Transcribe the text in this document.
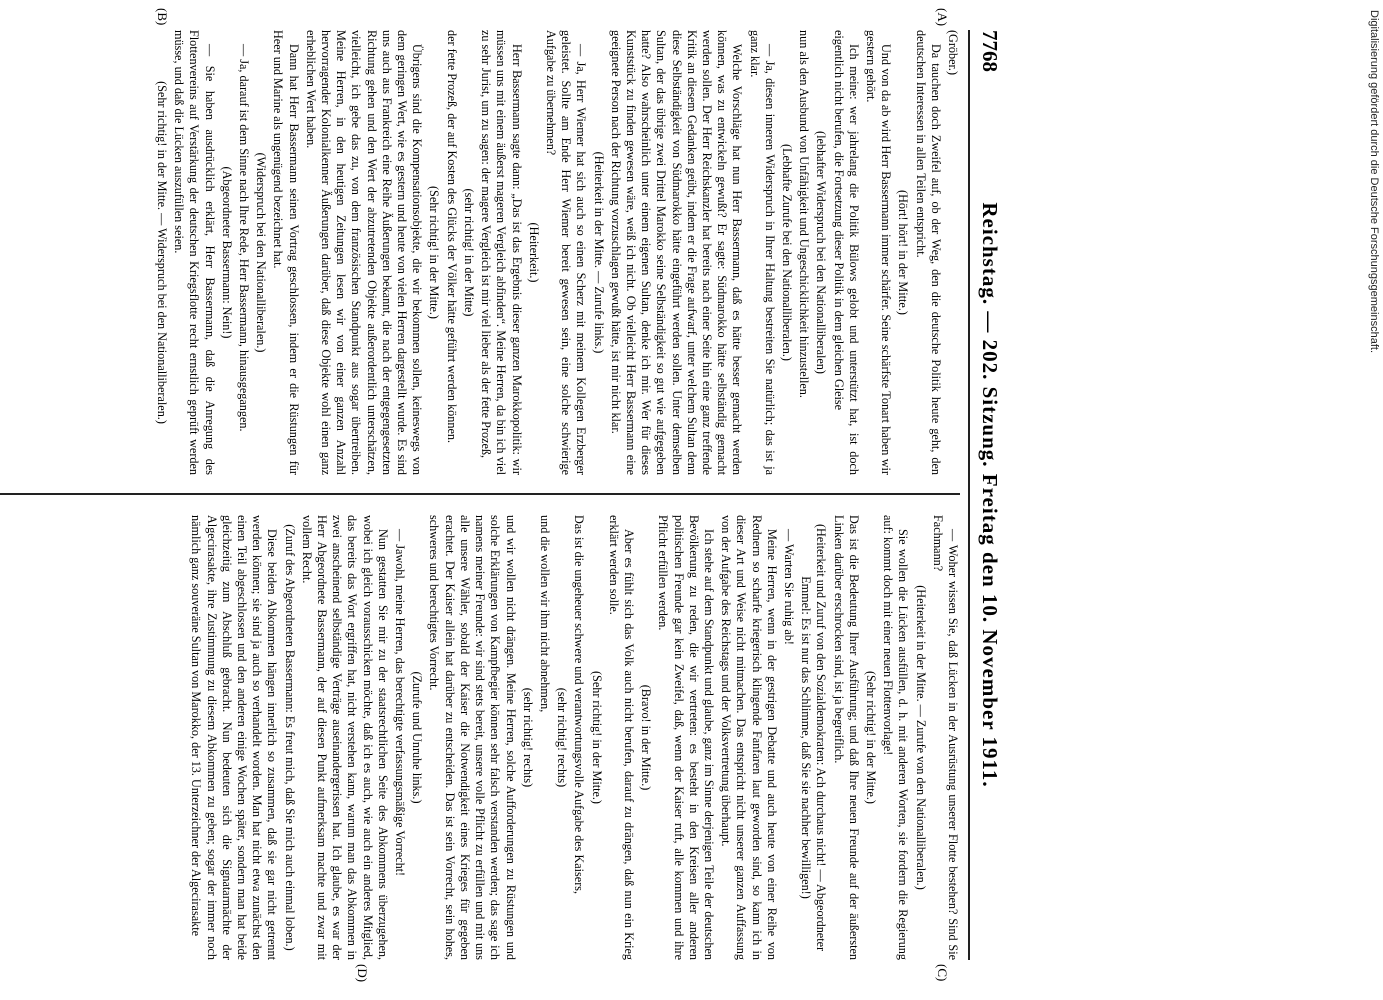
7768
Reichstag. — 202. Sitzung. Freitag den 10. November 1911.

(Gröber.)

Da tauchen doch Zweifel auf, ob der Weg, den die deutsche Politik heute geht, den deutschen Interessen in allen Teilen entspricht.

(Hört! hört! in der Mitte.)

Und von da ab wird Herr Bassermann immer schärfer. Seine schärfste Tonart haben wir gestern gehört.

Ich meine: wer jahrelang die Politik Bülows gelobt und unterstützt hat, ist doch eigentlich nicht berufen, die Fortsetzung dieser Politik in dem gleichen Gleise

(lebhafter Widerspruch bei den Nationalliberalen)

nun als den Ausbund von Unfähigkeit und Ungeschicklichkeit hinzustellen.

(Lebhafte Zurufe bei den Nationalliberalen.)

— Ja, diesen inneren Widerspruch in Ihrer Haltung bestreiten Sie natürlich; das ist ja ganz klar.

Welche Vorschläge hat nun Herr Bassermann, daß es hätte besser gemacht werden können, was zu entwickeln gewußt? Er sagte: Südmarokko hätte selbständig gemacht werden sollen. Der Herr Reichskanzler hat bereits nach einer Seite hin eine ganz treffende Kritik an diesem Gedanken geübt, indem er die Frage aufwarf, unter welchem Sultan denn diese Selbständigkeit von Südmarokko hätte eingeführt werden sollen. Unter demselben Sultan, der das übrige zwei Drittel Marokko seine Selbständigkeit so gut wie aufgegeben hatte? Also wahrscheinlich unter einem eigenen Sultan, denke ich mir. Wer für dieses Kunststück zu finden gewesen wäre, weiß ich nicht. Ob vielleicht Herr Bassermann eine geeignete Person nach der Richtung vorzuschlagen gewußt hätte, ist mir nicht klar.

(Heiterkeit in der Mitte. — Zurufe links.)

— Ja, Herr Wiemer hat sich auch so einen Scherz mit meinem Kollegen Erzberger geleistet. Sollte am Ende Herr Wiemer bereit gewesen sein, eine solche schwierige Aufgabe zu übernehmen?

(Heiterkeit.)

Herr Bassermann sagte dann: „Das ist das Ergebnis dieser ganzen Marokkopolitik: wir müssen uns mit einem äußerst mageren Vergleich abfinden“. Meine Herren, da bin ich viel zu sehr Jurist, um zu sagen: der magere Vergleich ist mir viel lieber als der fette Prozeß,

(sehr richtig! in der Mitte)

der fette Prozeß, der auf Kosten des Glücks der Völker hätte geführt werden können.

(Sehr richtig! in der Mitte.)

Übrigens sind die Kompensationsobjekte, die wir bekommen sollen, keineswegs von dem geringen Wert, wie es gestern und heute von vielen Herren dargestellt wurde. Es sind uns auch aus Frankreich eine Reihe Äußerungen bekannt, die nach der entgegengesetzten Richtung gehen und den Wert der abzutretenden Objekte außerordentlich unterschätzen, vielleicht, ich gebe das zu, von dem französischen Standpunkt aus sogar übertreiben. Meine Herren, in den heutigen Zeitungen lesen wir von einer ganzen Anzahl hervorragender Kolonialkenner Äußerungen darüber, daß diese Objekte wohl einen ganz erheblichen Wert haben.

Dann hat Herr Bassermann seinen Vortrag geschlossen, indem er die Rüstungen für Heer und Marine als ungenügend bezeichnet hat.

(Widerspruch bei den Nationalliberalen.)

— Ja, darauf ist dem Sinne nach Ihre Rede, Herr Bassermann, hinausgegangen.

(Abgeordneter Bassermann: Nein!)

— Sie haben ausdrücklich erklärt, Herr Bassermann, daß die Anregung des Flottenvereins auf Verstärkung der deutschen Kriegsflotte recht ernstlich geprüft werden müsse, und daß die Lücken auszufüllen seien.

(Sehr richtig! in der Mitte. — Widerspruch bei den Nationalliberalen.)

— Woher wissen Sie, daß Lücken in der Ausrüstung unserer Flotte bestehen? Sind Sie Fachmann?

(Heiterkeit in der Mitte. — Zurufe von den Nationalliberalen.)

Sie wollen die Lücken ausfüllen, d. h. mit anderen Worten, sie fordern die Regierung auf: kommt doch mit einer neuen Flottenvorlage!

(Sehr richtig! in der Mitte.)

Das ist die Bedeutung Ihrer Ausführung; und daß Ihre neuen Freunde auf der äußersten Linken darüber erschrocken sind, ist ja begreiflich.

(Heiterkeit und Zuruf von den Sozialdemokraten: Ach durchaus nicht! — Abgeordneter Emmel: Es ist nur das Schlimme, daß Sie sie nachher bewilligen!)

— Warten Sie ruhig ab!

Meine Herren, wenn in der gestrigen Debatte und auch heute von einer Reihe von Rednern so scharfe kriegerisch klingende Fanfaren laut geworden sind, so kann ich in dieser Art und Weise nicht mitmachen. Das entspricht nicht unserer ganzen Auffassung von der Aufgabe des Reichstags und der Volksvertretung überhaupt.

Ich stehe auf dem Standpunkt und glaube, ganz im Sinne derjenigen Teile der deutschen Bevölkerung zu reden, die wir vertreten: es besteht in den Kreisen aller anderen politischen Freunde gar kein Zweifel, daß, wenn der Kaiser ruft, alle kommen und ihre Pflicht erfüllen werden.

(Bravo! in der Mitte.)

Aber es fühlt sich das Volk auch nicht berufen, darauf zu drängen, daß nun ein Krieg erklärt werden solle.

(Sehr richtig! in der Mitte.)

Das ist die ungeheuer schwere und verantwortungsvolle Aufgabe des Kaisers,

(sehr richtig! rechts)

und die wollen wir ihm nicht abnehmen,

(sehr richtig! rechts)

und wir wollen nicht drängen. Meine Herren, solche Aufforderungen zu Rüstungen und solche Erklärungen von Kampfbegier können sehr falsch verstanden werden; das sage ich namens meiner Freunde: wir sind stets bereit, unsere volle Pflicht zu erfüllen und mit uns alle unsere Wähler, sobald der Kaiser die Notwendigkeit eines Krieges für gegeben erachtet. Der Kaiser allein hat darüber zu entscheiden. Das ist sein Vorrecht, sein hohes, schweres und berechtigtes Vorrecht.

(Zurufe und Unruhe links.)

— Jawohl, meine Herren, das berechtigte verfassungsmäßige Vorrecht!

Nun gestatten Sie mir zu der staatsrechtlichen Seite des Abkommens überzugehen, wobei ich gleich vorausschicken möchte, daß ich es auch, wie auch ein anderes Mitglied, das bereits das Wort ergriffen hat, nicht verstehen kann, warum man das Abkommen in zwei anscheinend selbständige Verträge auseinandergerissen hat. Ich glaube, es war der Herr Abgeordnete Bassermann, der auf diesen Punkt aufmerksam machte und zwar mit vollem Recht.

(Zuruf des Abgeordneten Bassermann: Es freut mich, daß Sie mich auch einmal loben.)

Diese beiden Abkommen hängen innerlich so zusammen, daß sie gar nicht getrennt werden können; sie sind ja auch so verhandelt worden. Man hat nicht etwa zunächst den einen Teil abgeschlossen und den anderen einige Wochen später, sondern man hat beide gleichzeitig zum Abschluß gebracht. Nun bedeuten sich die Signatarmächte der Algecirasakte, ihre Zustimmung zu diesem Abkommen zu geben; sogar der immer noch nämlich ganz souveräne Sultan von Marokko, der 13. Unterzeichner der Algecirasakte

(A)
(B)
(C)
(D)
Digitalisierung gefördert durch die Deutsche Forschungsgemeinschaft.
